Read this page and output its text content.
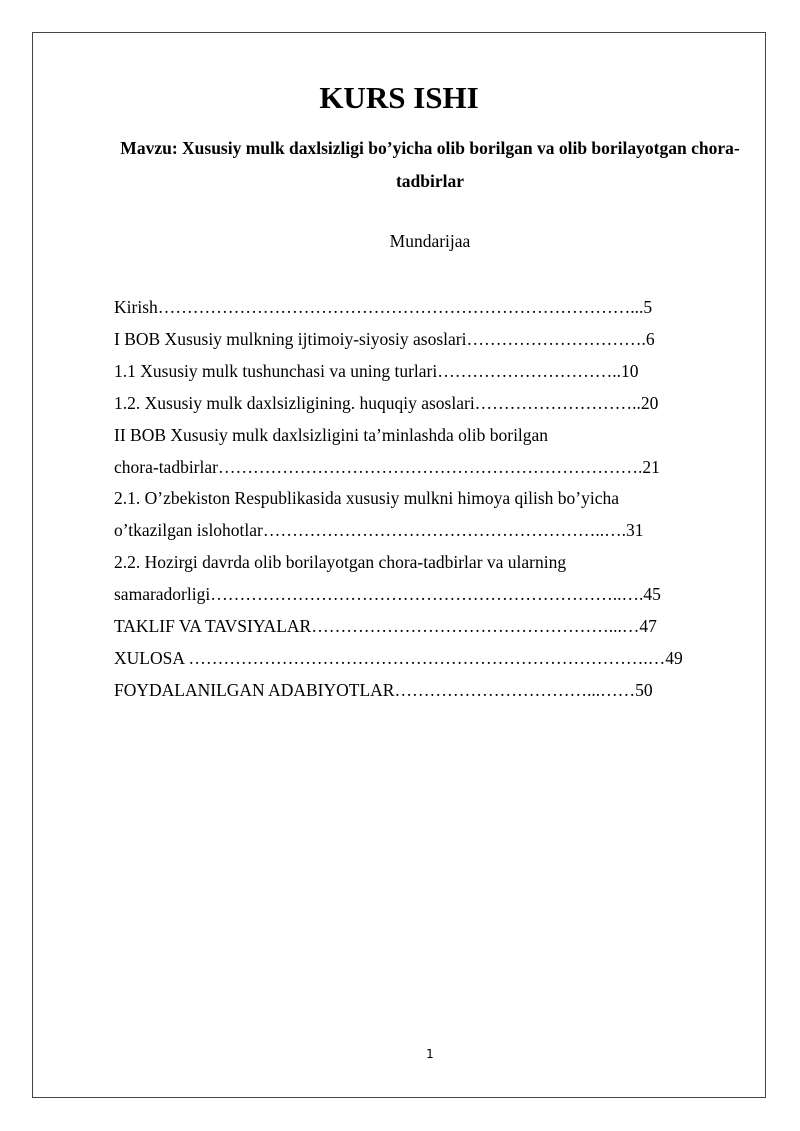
KURS ISHI

Mavzu: Xususiy mulk daxlsizligi bo’yicha olib borilgan va olib borilayotgan chora-tadbirlar

Mundarijaa

Kirish………………………………………………………………………...5
I BOB Xususiy mulkning ijtimoiy-siyosiy asoslari………………………….6
1.1 Xususiy mulk tushunchasi va uning turlari…………………………..10
1.2. Xususiy mulk daxlsizligining. huquqiy asoslari………………………..20
II BOB Xususiy mulk daxlsizligini ta’minlashda olib borilgan
chora-tadbirlar……………………………………………………………….21
2.1. O’zbekiston Respublikasida xususiy mulkni himoya qilish bo’yicha
o’tkazilgan islohotlar…………………………………………………..….31
2.2. Hozirgi davrda olib borilayotgan chora-tadbirlar va ularning
samaradorligi……………………………………………………………..….45
TAKLIF VA TAVSIYALAR……………………………………………...…47
XULOSA …………………………………………………………………….…49
FOYDALANILGAN ADABIYOTLAR……………………………...……50

1
